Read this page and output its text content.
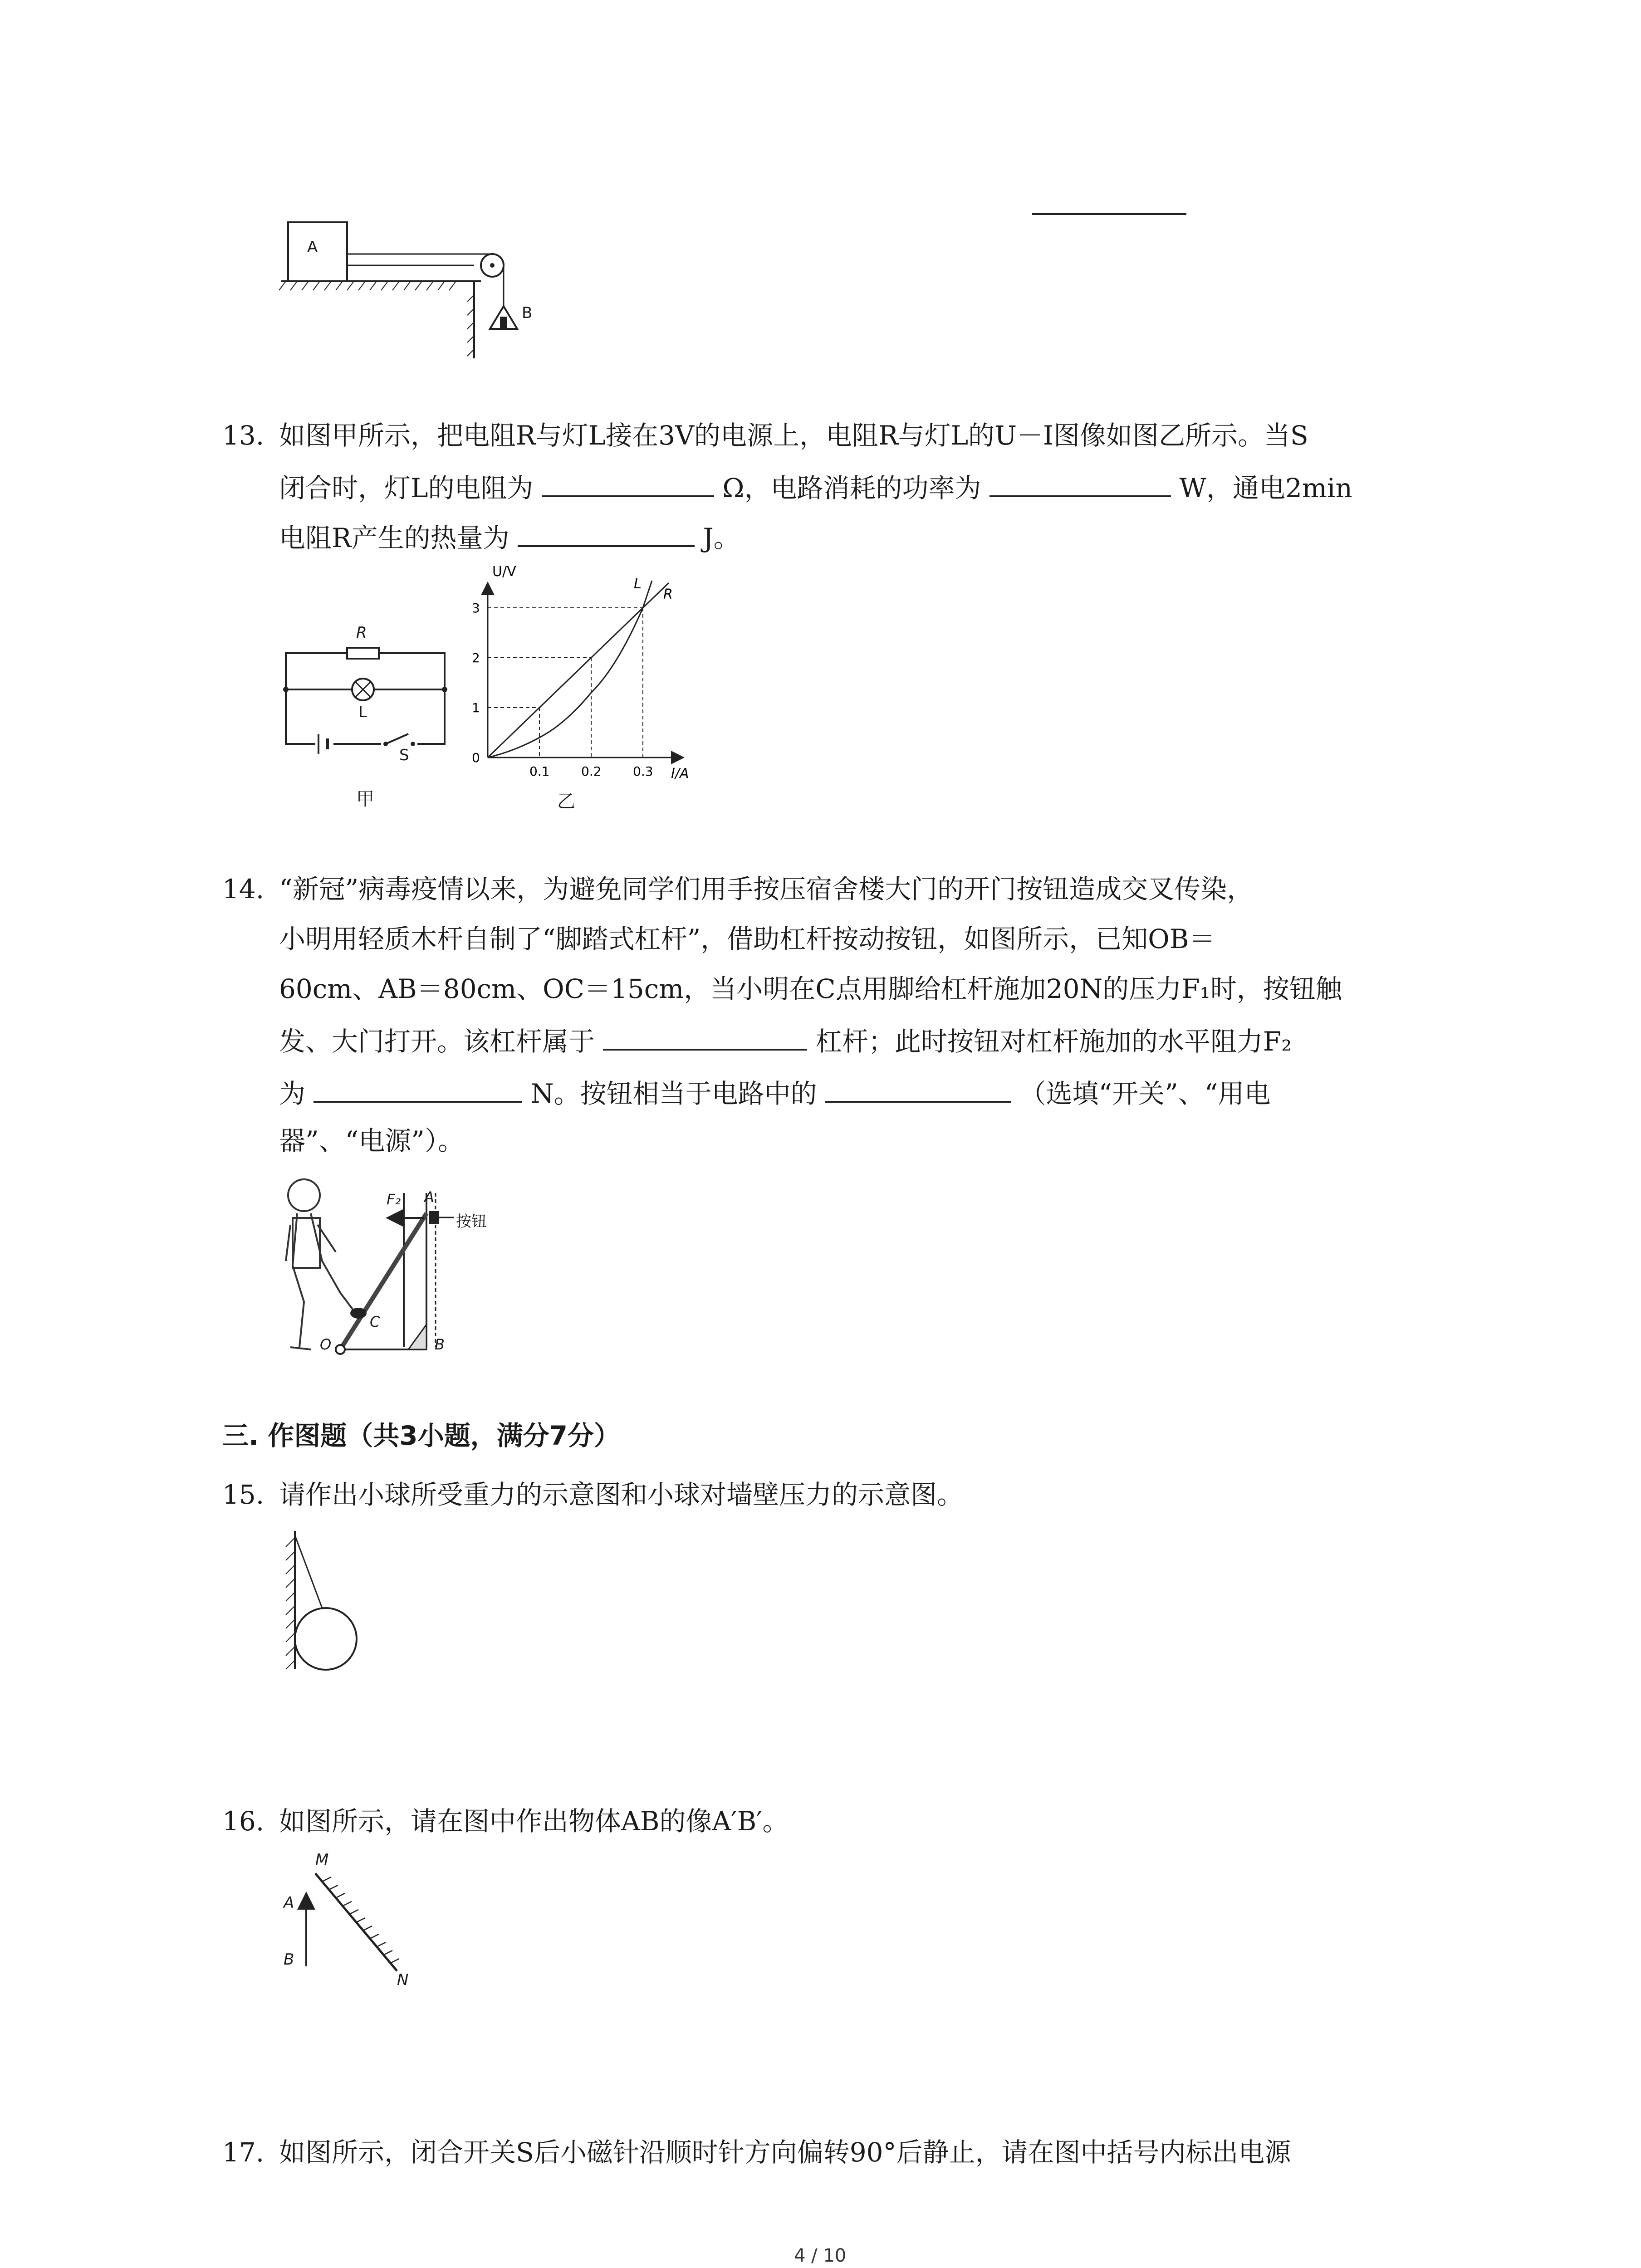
A
B
13. 如图甲所示，把电阻R与灯L接在3V的电源上，电阻R与灯L的U－I图像如图乙所示。当S
闭合时，灯L的电阻为	Ω，电路消耗的功率为	W，通电2min
电阻R产生的热量为	J。
R
L
S
甲
L
R
U/V
I/A
0
1
2
3
0.1 0.2 0.3
乙
14. “新冠”病毒疫情以来，为避免同学们用手按压宿舍楼大门的开门按钮造成交叉传染，
小明用轻质木杆自制了“脚踏式杠杆”，借助杠杆按动按钮，如图所示，已知OB＝
60cm、AB＝80cm、OC＝15cm，当小明在C点用脚给杠杆施加20N的压力F₁时，按钮触
发、大门打开。该杠杆属于	杠杆；此时按钮对杠杆施加的水平阻力F₂
为	N。按钮相当于电路中的	（选填“开关”、“用电
器”、“电源”）。
F₂ A
按钮
C
O	B
三. 作图题（共3小题，满分7分）
15. 请作出小球所受重力的示意图和小球对墙壁压力的示意图。
16. 如图所示，请在图中作出物体AB的像A′B′。
M
A
B
N
17. 如图所示，闭合开关S后小磁针沿顺时针方向偏转90°后静止，请在图中括号内标出电源
4 / 10
